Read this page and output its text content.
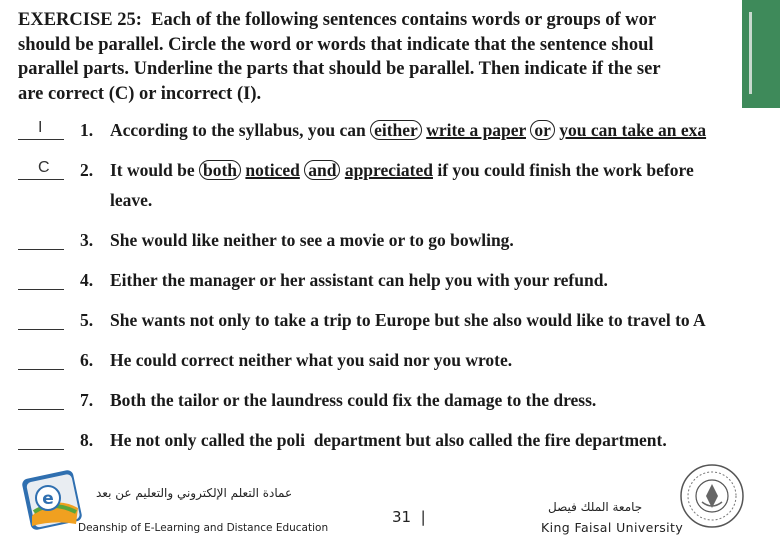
EXERCISE 25: Each of the following sentences contains words or groups of wor
should be parallel. Circle the word or words that indicate that the sentence shoul
parallel parts. Underline the parts that should be parallel. Then indicate if the ser
are correct (C) or incorrect (I).
I 1. According to the syllabus, you can either write a paper or you can take an exa
C 2. It would be both noticed and appreciated if you could finish the work before
leave.
3. She would like neither to see a movie or to go bowling.
4. Either the manager or her assistant can help you with your refund.
5. She wants not only to take a trip to Europe but she also would like to travel to A
6. He could correct neither what you said nor you wrote.
7. Both the tailor or the laundress could fix the damage to the dress.
8. He not only called the poli  department but also called the fire department.
e	عمادة التعلم الإلكتروني والتعليم عن بعد
Deanship of E-Learning and Distance Education
31  |
جامعة الملك فيصل
King Faisal University
